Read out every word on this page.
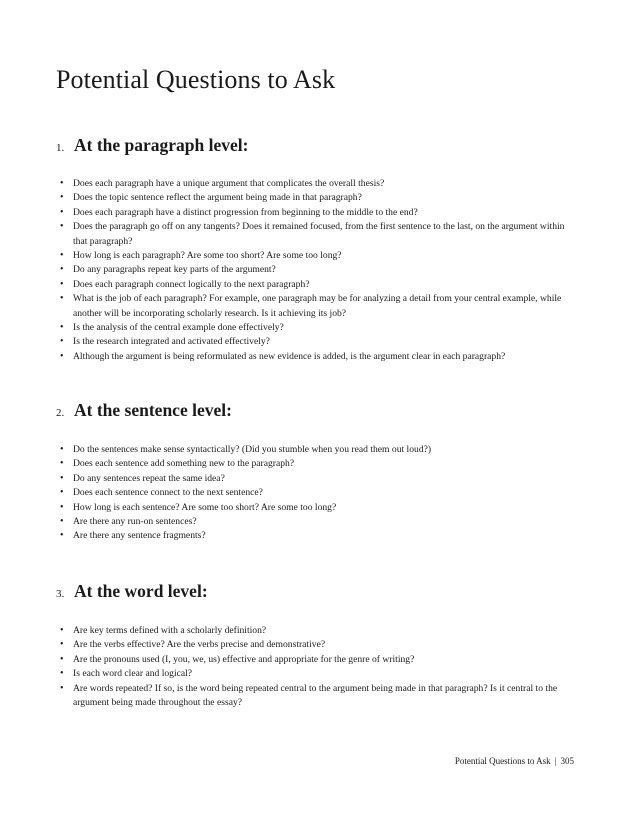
Potential Questions to Ask
1. At the paragraph level:
• Does each paragraph have a unique argument that complicates the overall thesis?
• Does the topic sentence reflect the argument being made in that paragraph?
• Does each paragraph have a distinct progression from beginning to the middle to the end?
• Does the paragraph go off on any tangents? Does it remained focused, from the first sentence to the last, on the argument within that paragraph?
• How long is each paragraph? Are some too short? Are some too long?
• Do any paragraphs repeat key parts of the argument?
• Does each paragraph connect logically to the next paragraph?
• What is the job of each paragraph? For example, one paragraph may be for analyzing a detail from your central example, while another will be incorporating scholarly research. Is it achieving its job?
• Is the analysis of the central example done effectively?
• Is the research integrated and activated effectively?
• Although the argument is being reformulated as new evidence is added, is the argument clear in each paragraph?
2. At the sentence level:
• Do the sentences make sense syntactically? (Did you stumble when you read them out loud?)
• Does each sentence add something new to the paragraph?
• Do any sentences repeat the same idea?
• Does each sentence connect to the next sentence?
• How long is each sentence? Are some too short? Are some too long?
• Are there any run-on sentences?
• Are there any sentence fragments?
3. At the word level:
• Are key terms defined with a scholarly definition?
• Are the verbs effective? Are the verbs precise and demonstrative?
• Are the pronouns used (I, you, we, us) effective and appropriate for the genre of writing?
• Is each word clear and logical?
• Are words repeated? If so, is the word being repeated central to the argument being made in that paragraph? Is it central to the argument being made throughout the essay?
Potential Questions to Ask | 305
